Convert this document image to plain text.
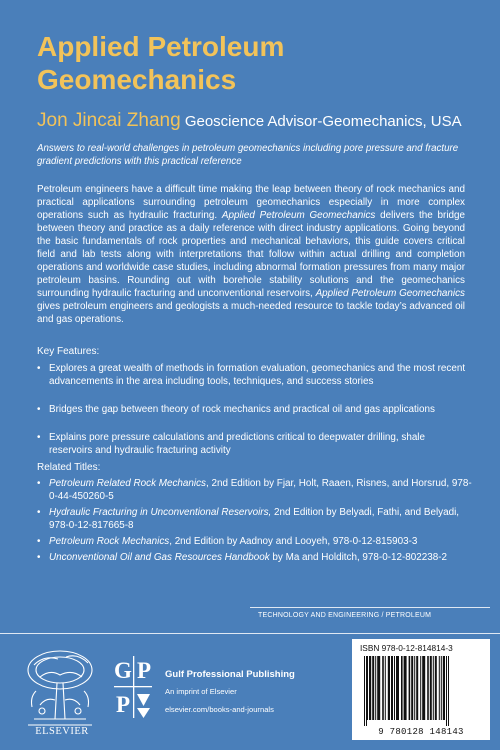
Applied Petroleum Geomechanics
Jon Jincai Zhang Geoscience Advisor-Geomechanics, USA

Answers to real-world challenges in petroleum geomechanics including pore pressure and fracture gradient predictions with this practical reference

Petroleum engineers have a difficult time making the leap between theory of rock mechanics and practical applications surrounding petroleum geomechanics especially in more complex operations such as hydraulic fracturing. Applied Petroleum Geomechanics delivers the bridge between theory and practice as a daily reference with direct industry applications. Going beyond the basic fundamentals of rock properties and mechanical behaviors, this guide covers critical field and lab tests along with interpretations that follow within actual drilling and completion operations and worldwide case studies, including abnormal formation pressures from many major petroleum basins. Rounding out with borehole stability solutions and the geomechanics surrounding hydraulic fracturing and unconventional reservoirs, Applied Petroleum Geomechanics gives petroleum engineers and geologists a much-needed resource to tackle today’s advanced oil and gas operations.

Key Features:

• Explores a great wealth of methods in formation evaluation, geomechanics and the most recent advancements in the area including tools, techniques, and success stories
• Bridges the gap between theory of rock mechanics and practical oil and gas applications
• Explains pore pressure calculations and predictions critical to deepwater drilling, shale reservoirs and hydraulic fracturing activity

Related Titles:

• Petroleum Related Rock Mechanics, 2nd Edition by Fjar, Holt, Raaen, Risnes, and Horsrud, 978-0-44-450260-5
• Hydraulic Fracturing in Unconventional Reservoirs, 2nd Edition by Belyadi, Fathi, and Belyadi, 978-0-12-817665-8
• Petroleum Rock Mechanics, 2nd Edition by Aadnoy and Looyeh, 978-0-12-815903-3
• Unconventional Oil and Gas Resources Handbook by Ma and Holditch, 978-0-12-802238-2
TECHNOLOGY AND ENGINEERING / PETROLEUM
ELSEVIER
G P
P
Gulf Professional Publishing
An imprint of Elsevier
elsevier.com/books-and-journals
ISBN 978-0-12-814814-3
9 780128 148143
